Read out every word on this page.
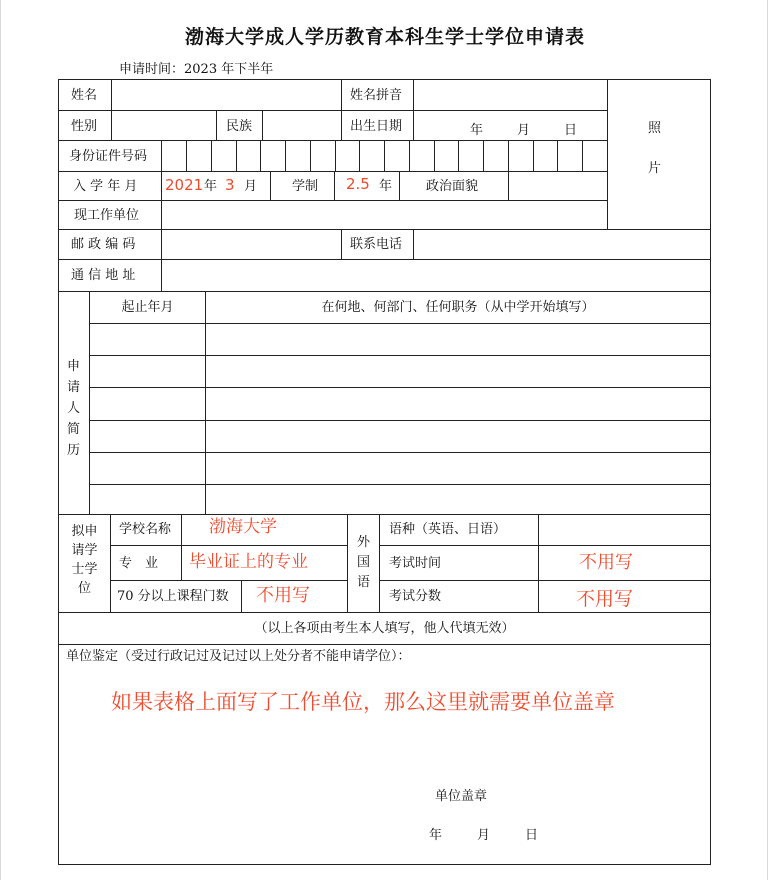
渤海大学成人学历教育本科生学士学位申请表
申请时间：2023 年下半年
姓名	姓名拼音
照
片
性别	民族	出生日期	年	月	日
身份证件号码
入 学 年 月 2021 年 3 月	学制 2.5 年	政治面貌
现工作单位
邮 政 编 码	联系电话
通 信 地 址
申
请
人
简
历
起止年月	在何地、何部门、任何职务（从中学开始填写）
拟申
请学
士学
位
学校名称 渤海大学
专　业 毕业证上的专业
70 分以上课程门数 不用写
外
国
语
语种（英语、日语）
考试时间	不用写
考试分数	不用写
（以上各项由考生本人填写，他人代填无效）
单位鉴定（受过行政记过及记过以上处分者不能申请学位）：
如果表格上面写了工作单位，那么这里就需要单位盖章
单位盖章
年	月	日
